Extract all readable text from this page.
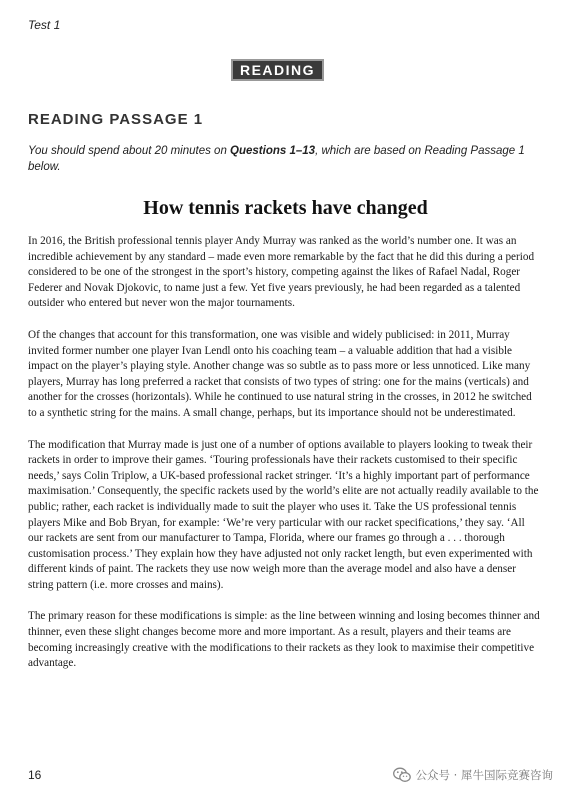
Test 1
READING
READING PASSAGE 1
You should spend about 20 minutes on Questions 1–13, which are based on Reading Passage 1 below.
How tennis rackets have changed

In 2016, the British professional tennis player Andy Murray was ranked as the world’s number one. It was an incredible achievement by any standard – made even more remarkable by the fact that he did this during a period considered to be one of the strongest in the sport’s history, competing against the likes of Rafael Nadal, Roger Federer and Novak Djokovic, to name just a few. Yet five years previously, he had been regarded as a talented outsider who entered but never won the major tournaments.

Of the changes that account for this transformation, one was visible and widely publicised: in 2011, Murray invited former number one player Ivan Lendl onto his coaching team – a valuable addition that had a visible impact on the player’s playing style. Another change was so subtle as to pass more or less unnoticed. Like many players, Murray has long preferred a racket that consists of two types of string: one for the mains (verticals) and another for the crosses (horizontals). While he continued to use natural string in the crosses, in 2012 he switched to a synthetic string for the mains. A small change, perhaps, but its importance should not be underestimated.

The modification that Murray made is just one of a number of options available to players looking to tweak their rackets in order to improve their games. ‘Touring professionals have their rackets customised to their specific needs,’ says Colin Triplow, a UK-based professional racket stringer. ‘It’s a highly important part of performance maximisation.’ Consequently, the specific rackets used by the world’s elite are not actually readily available to the public; rather, each racket is individually made to suit the player who uses it. Take the US professional tennis players Mike and Bob Bryan, for example: ‘We’re very particular with our racket specifications,’ they say. ‘All our rackets are sent from our manufacturer to Tampa, Florida, where our frames go through a . . . thorough customisation process.’ They explain how they have adjusted not only racket length, but even experimented with different kinds of paint. The rackets they use now weigh more than the average model and also have a denser string pattern (i.e. more crosses and mains).

The primary reason for these modifications is simple: as the line between winning and losing becomes thinner and thinner, even these slight changes become more and more important. As a result, players and their teams are becoming increasingly creative with the modifications to their rackets as they look to maximise their competitive advantage.

16	公众号 · 犀牛国际竞赛咨询
